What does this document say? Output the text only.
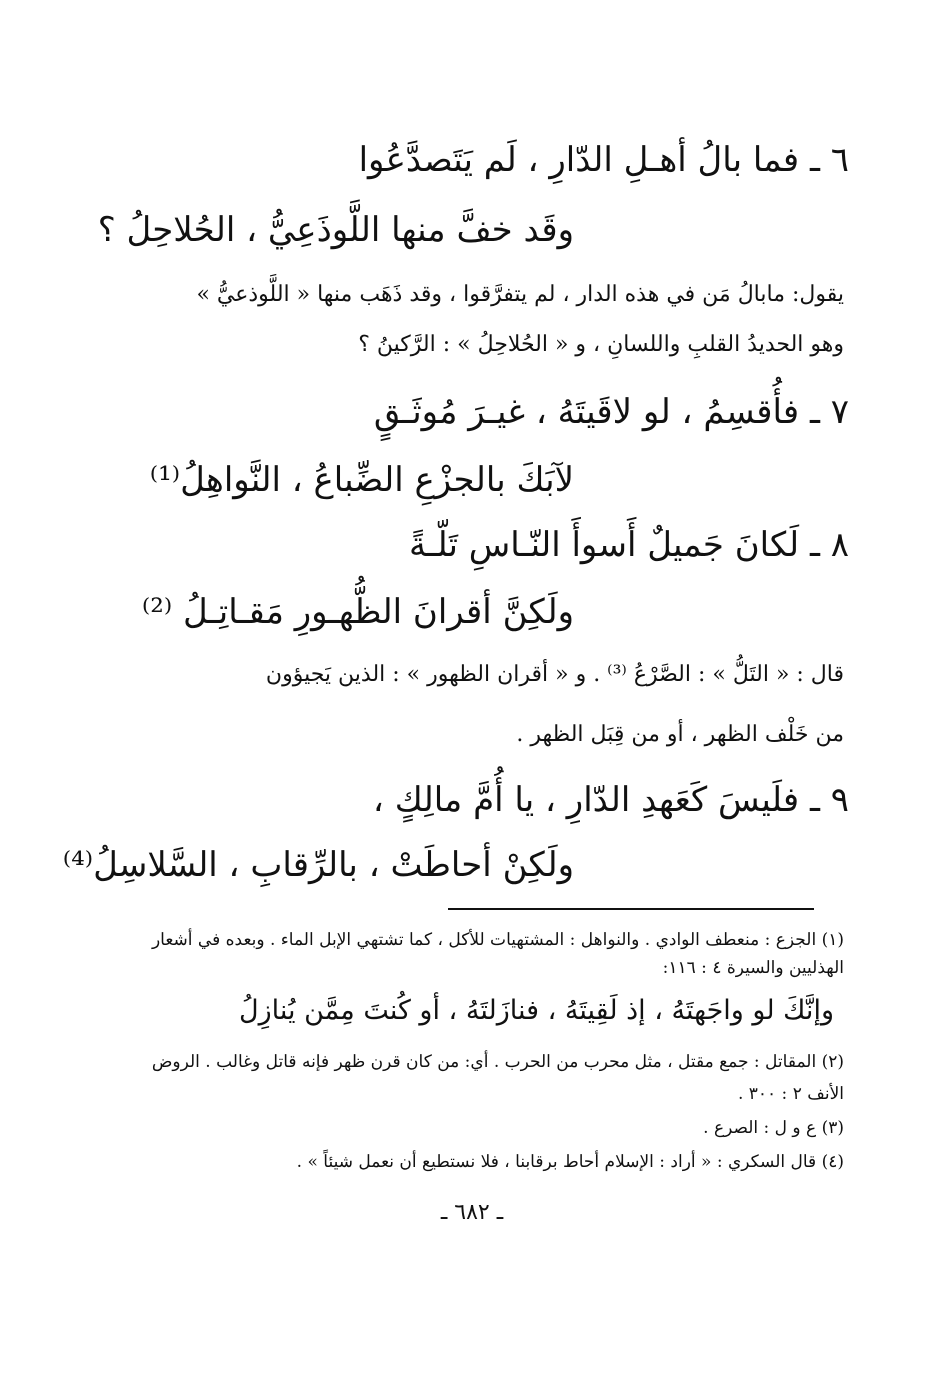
٦ ـ فما بالُ أهـلِ الدّارِ ، لَم يَتَصدَّعُوا

وقَد خفَّ منها اللَّوذَعِيُّ ، الحُلاحِلُ ؟

يقول: مابالُ مَن في هذه الدار ، لم يتفرَّقوا ، وقد ذَهَب منها « اللَّوذعيُّ »

وهو الحديدُ القلبِ واللسانِ ، و « الحُلاحِلُ » : الرَّكينُ ؟

٧ ـ فأُقسِمُ ، لو لاقَيتَهُ ، غيـرَ مُوثَـقٍ

لآبَكَ بالجزْعِ الضِّباعُ ، النَّواهِلُ⁽¹⁾

٨ ـ لَكانَ جَميلٌ أَسوأَ النّـاسِ تَلّـةً

ولَكِنَّ أقرانَ الظُّهـورِ مَقـاتِـلُ ⁽²⁾

قال : « التَلُّ » : الصَّرْعُ ⁽³⁾ . و « أقران الظهور » : الذين يَجيؤون

من خَلْف الظهر ، أو من قِبَل الظهر .

٩ ـ فلَيسَ كَعَهدِ الدّارِ ، يا أُمَّ مالِكٍ ،

ولَكِنْ أحاطَتْ ، بالرِّقابِ ، السَّلاسِلُ⁽⁴⁾

(١) الجزع : منعطف الوادي . والنواهل : المشتهيات للأكل ، كما تشتهي الإبل الماء . وبعده في أشعار

الهذليين والسيرة ٤ : ١١٦:

وإنَّكَ لو واجَهتَهُ ، إذ لَقِيتَهُ ، فنازَلتَهُ ، أو كُنتَ مِمَّن يُنازِلُ

(٢) المقاتل : جمع مقتل ، مثل محرب من الحرب . أي: من كان قرن ظهر فإنه قاتل وغالب . الروض

الأنف ٢ : ٣٠٠ .

(٣) ع و ل : الصرع .

(٤) قال السكري : « أراد : الإسلام أحاط برقابنا ، فلا نستطيع أن نعمل شيئاً » .

ـ ٦٨٢ ـ
